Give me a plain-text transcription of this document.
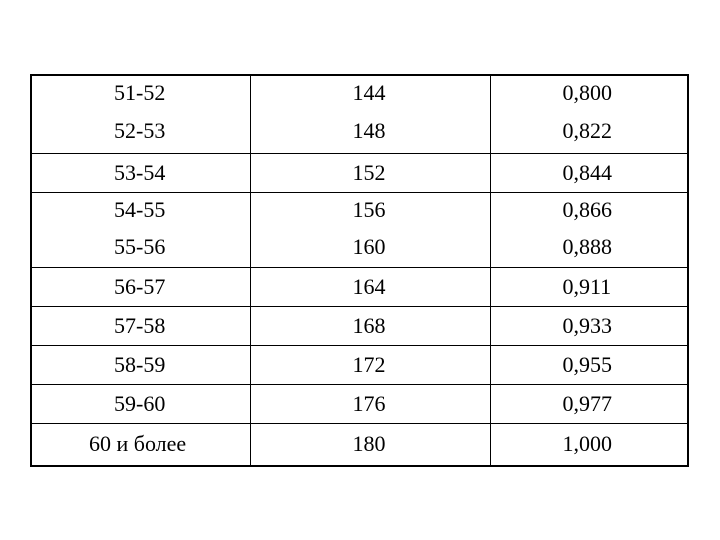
51-52	144	0,800
52-53	148	0,822
53-54	152	0,844
54-55	156	0,866
55-56	160	0,888
56-57	164	0,911
57-58	168	0,933
58-59	172	0,955
59-60	176	0,977
60 и более	180	1,000
